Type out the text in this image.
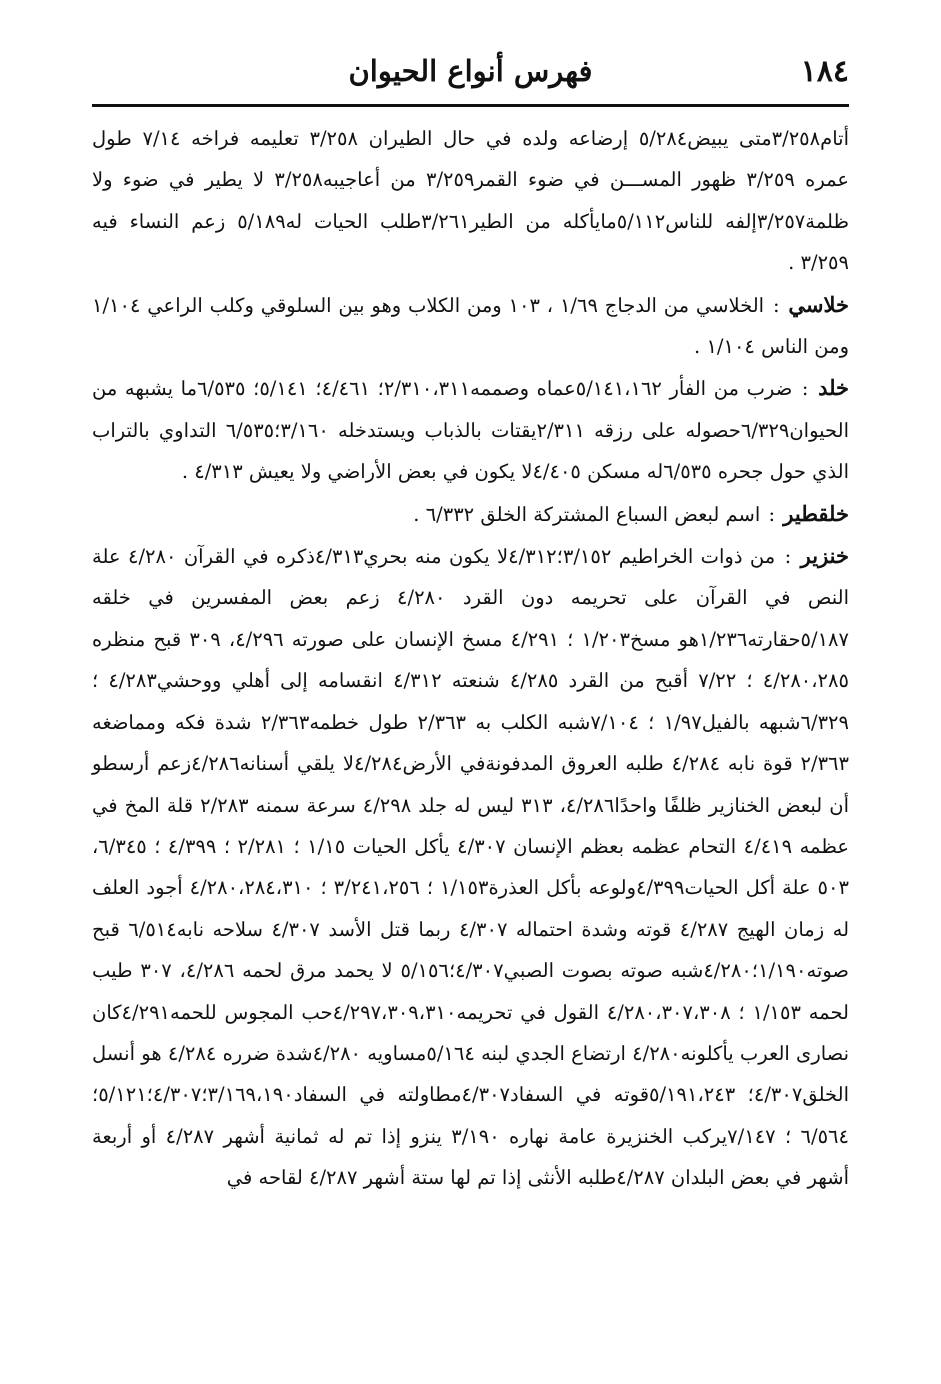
١٨٤
فهرس أنواع الحيوان

أتام٣/٢٥٨متى يبيض٥/٢٨٤ إرضاعه ولده في حال الطيران ٣/٢٥٨ تعليمه فراخه ٧/١٤ طول عمره ٣/٢٥٩ ظهور المســـن في ضوء القمر٣/٢٥٩ من أعاجيبه٣/٢٥٨ لا يطير في ضوء ولا ظلمة٣/٢٥٧إلفه للناس٥/١١٢مايأكله من الطير٣/٢٦١طلب الحيات له٥/١٨٩ زعم النساء فيه ٣/٢٥٩ .

خلاسي : الخلاسي من الدجاج ١/٦٩ ، ١٠٣ ومن الكلاب وهو بين السلوقي وكلب الراعي ١/١٠٤ ومن الناس ١/١٠٤ .

خلد : ضرب من الفأر ٥/١٤١،١٦٢عماه وصممه٢/٣١٠،٣١١؛ ٤/٤٦١؛ ٥/١٤١؛ ٦/٥٣٥ما يشبهه من الحيوان٦/٣٢٩حصوله على رزقه ٢/٣١١يقتات بالذباب ويستدخله ٣/١٦٠؛٦/٥٣٥ التداوي بالتراب الذي حول جحره ٦/٥٣٥له مسكن ٤/٤٠٥لا يكون في بعض الأراضي ولا يعيش ٤/٣١٣ .

خلقطير : اسم لبعض السباع المشتركة الخلق ٦/٣٣٢ .

خنزير : من ذوات الخراطيم ٣/١٥٢؛٤/٣١٢لا يكون منه بحري٤/٣١٣ذكره في القرآن ٤/٢٨٠ علة النص في القرآن على تحريمه دون القرد ٤/٢٨٠ زعم بعض المفسرين في خلقه ٥/١٨٧حقارته١/٢٣٦هو مسخ١/٢٠٣ ؛ ٤/٢٩١ مسخ الإنسان على صورته ٤/٢٩٦، ٣٠٩ قبح منظره ٤/٢٨٠،٢٨٥ ؛ ٧/٢٢ أقبح من القرد ٤/٢٨٥ شنعته ٤/٣١٢ انقسامه إلى أهلي ووحشي٤/٢٨٣ ؛ ٦/٣٢٩شبهه بالفيل١/٩٧ ؛ ٧/١٠٤شبه الكلب به ٢/٣٦٣ طول خطمه٢/٣٦٣ شدة فكه ومماضغه ٢/٣٦٣ قوة نابه ٤/٢٨٤ طلبه العروق المدفونةفي الأرض٤/٢٨٤لا يلقي أسنانه٤/٢٨٦زعم أرسطو أن لبعض الخنازير ظلفًا واحدًا٤/٢٨٦، ٣١٣ ليس له جلد ٤/٢٩٨ سرعة سمنه ٢/٢٨٣ قلة المخ في عظمه ٤/٤١٩ التحام عظمه بعظم الإنسان ٤/٣٠٧ يأكل الحيات ١/١٥ ؛ ٢/٢٨١ ؛ ٤/٣٩٩ ؛ ٦/٣٤٥، ٥٠٣ علة أكل الحيات٤/٣٩٩ولوعه بأكل العذرة١/١٥٣ ؛ ٣/٢٤١،٢٥٦ ؛ ٤/٢٨٠،٢٨٤،٣١٠ أجود العلف له زمان الهيج ٤/٢٨٧ قوته وشدة احتماله ٤/٣٠٧ ربما قتل الأسد ٤/٣٠٧ سلاحه نابه٦/٥١٤ قبح صوته١/١٩٠؛٤/٢٨٠شبه صوته بصوت الصبي٤/٣٠٧؛٥/١٥٦ لا يحمد مرق لحمه ٤/٢٨٦، ٣٠٧ طيب لحمه ١/١٥٣ ؛ ٤/٢٨٠،٣٠٧،٣٠٨ القول في تحريمه٤/٢٩٧،٣٠٩،٣١٠حب المجوس للحمه٤/٢٩١كان نصارى العرب يأكلونه٤/٢٨٠ ارتضاع الجدي لبنه ٥/١٦٤مساويه ٤/٢٨٠شدة ضرره ٤/٢٨٤ هو أنسل الخلق٤/٣٠٧؛ ٥/١٩١،٢٤٣قوته في السفاد٤/٣٠٧مطاولته في السفاد٣/١٦٩،١٩٠؛٤/٣٠٧؛٥/١٢١؛ ٦/٥٦٤ ؛ ٧/١٤٧يركب الخنزيرة عامة نهاره ٣/١٩٠ ينزو إذا تم له ثمانية أشهر ٤/٢٨٧ أو أربعة أشهر في بعض البلدان ٤/٢٨٧طلبه الأنثى إذا تم لها ستة أشهر ٤/٢٨٧ لقاحه في
